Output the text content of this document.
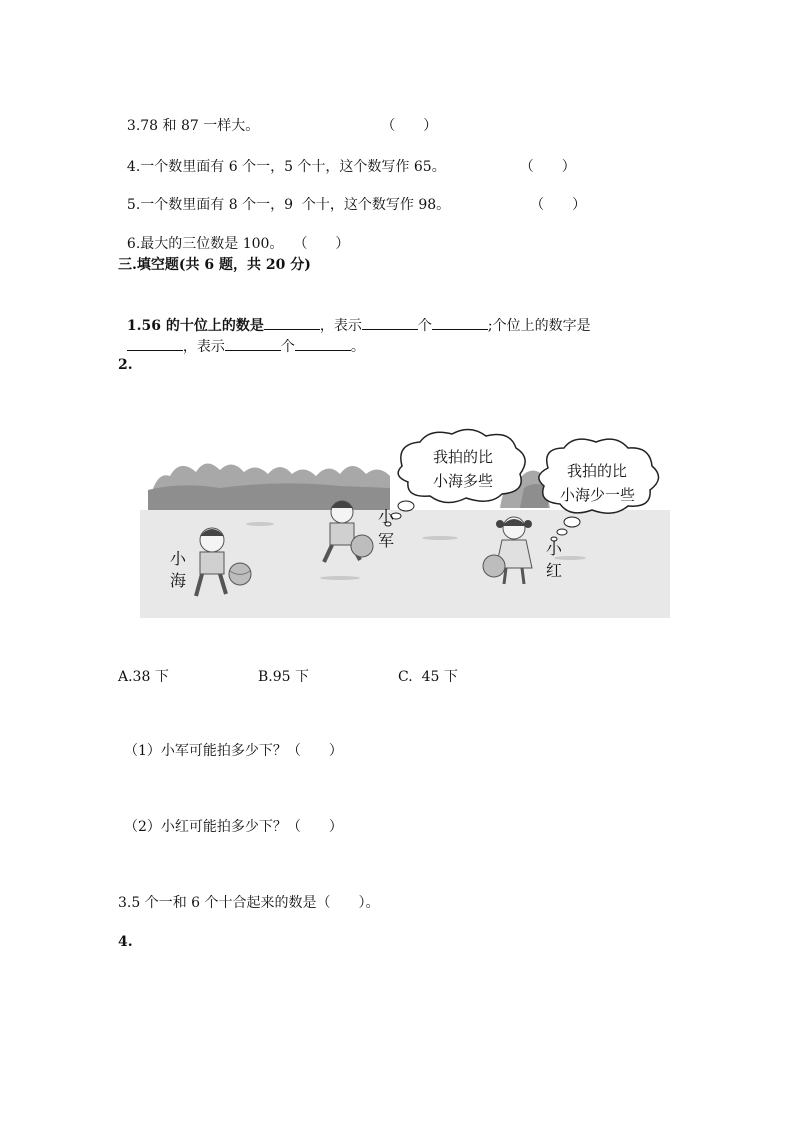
3.78 和 87 一样大。	（　　）

4.一个数里面有 6 个一，5 个十，这个数写作 65。	（　　）

5.一个数里面有 8 个一，9  个十，这个数写作 98。	（　　）

6.最大的三位数是 100。 （　　）

三.填空题(共 6 题，共 20 分)

1.56 的十位上的数是	，表示	个	;个位上的数字是

，表示	个	。

2.
我拍的比
小海多些
我拍的比
小海少一些
小
海
小
军	小
红
A.38 下	B.95 下	C.  45 下
（1）小军可能拍多少下？（　　）
（2）小红可能拍多少下？（　　）
3.5 个一和 6 个十合起来的数是（　　）。
4.
